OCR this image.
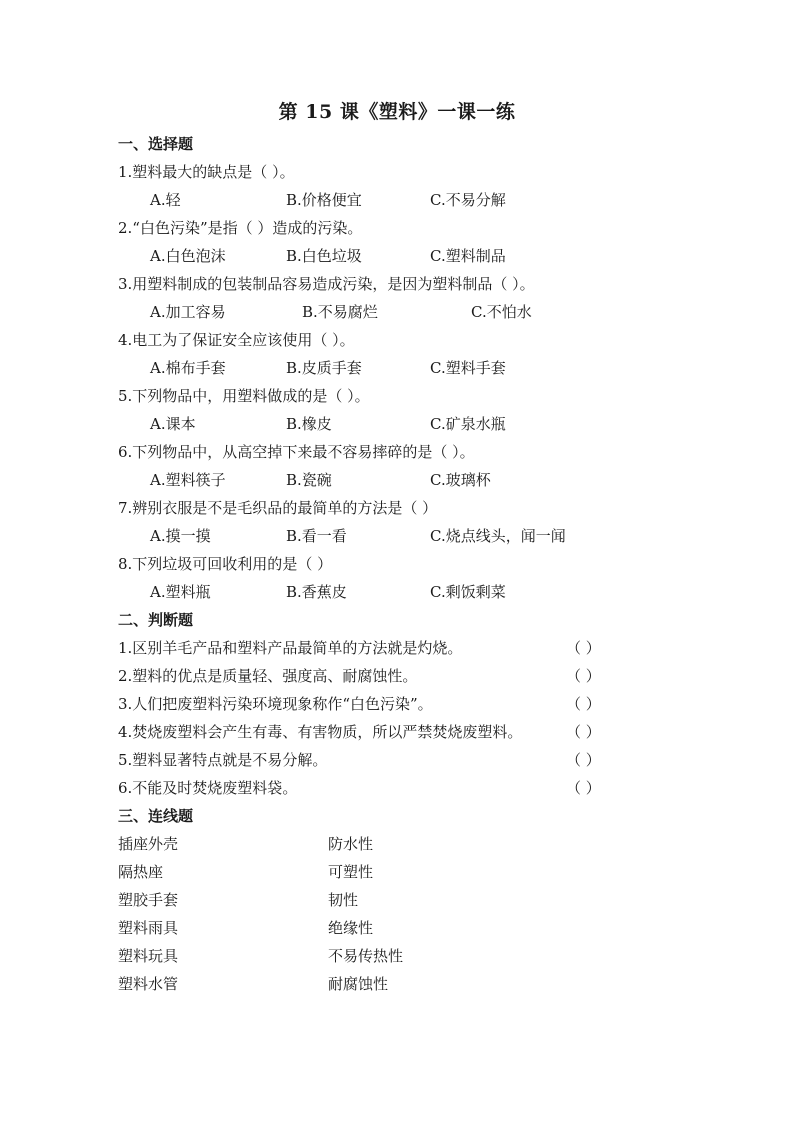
第 15 课《塑料》一课一练
一、选择题
1.塑料最大的缺点是（ ）。
A.轻	B.价格便宜	C.不易分解
2.“白色污染”是指（ ）造成的污染。
A.白色泡沫	B.白色垃圾	C.塑料制品
3.用塑料制成的包装制品容易造成污染，是因为塑料制品（ ）。
A.加工容易	B.不易腐烂	C.不怕水
4.电工为了保证安全应该使用（ ）。
A.棉布手套	B.皮质手套	C.塑料手套
5.下列物品中，用塑料做成的是（ ）。
A.课本	B.橡皮	C.矿泉水瓶
6.下列物品中，从高空掉下来最不容易摔碎的是（ ）。
A.塑料筷子	B.瓷碗	C.玻璃杯
7.辨别衣服是不是毛织品的最简单的方法是（ ）
A.摸一摸	B.看一看	C.烧点线头，闻一闻
8.下列垃圾可回收利用的是（ ）
A.塑料瓶	B.香蕉皮	C.剩饭剩菜
二、判断题
1.区别羊毛产品和塑料产品最简单的方法就是灼烧。	（ ）
2.塑料的优点是质量轻、强度高、耐腐蚀性。	（ ）
3.人们把废塑料污染环境现象称作“白色污染”。	（ ）
4.焚烧废塑料会产生有毒、有害物质，所以严禁焚烧废塑料。	（ ）
5.塑料显著特点就是不易分解。	（ ）
6.不能及时焚烧废塑料袋。	（ ）
三、连线题
插座外壳	防水性
隔热座	可塑性
塑胶手套	韧性
塑料雨具	绝缘性
塑料玩具	不易传热性
塑料水管	耐腐蚀性
